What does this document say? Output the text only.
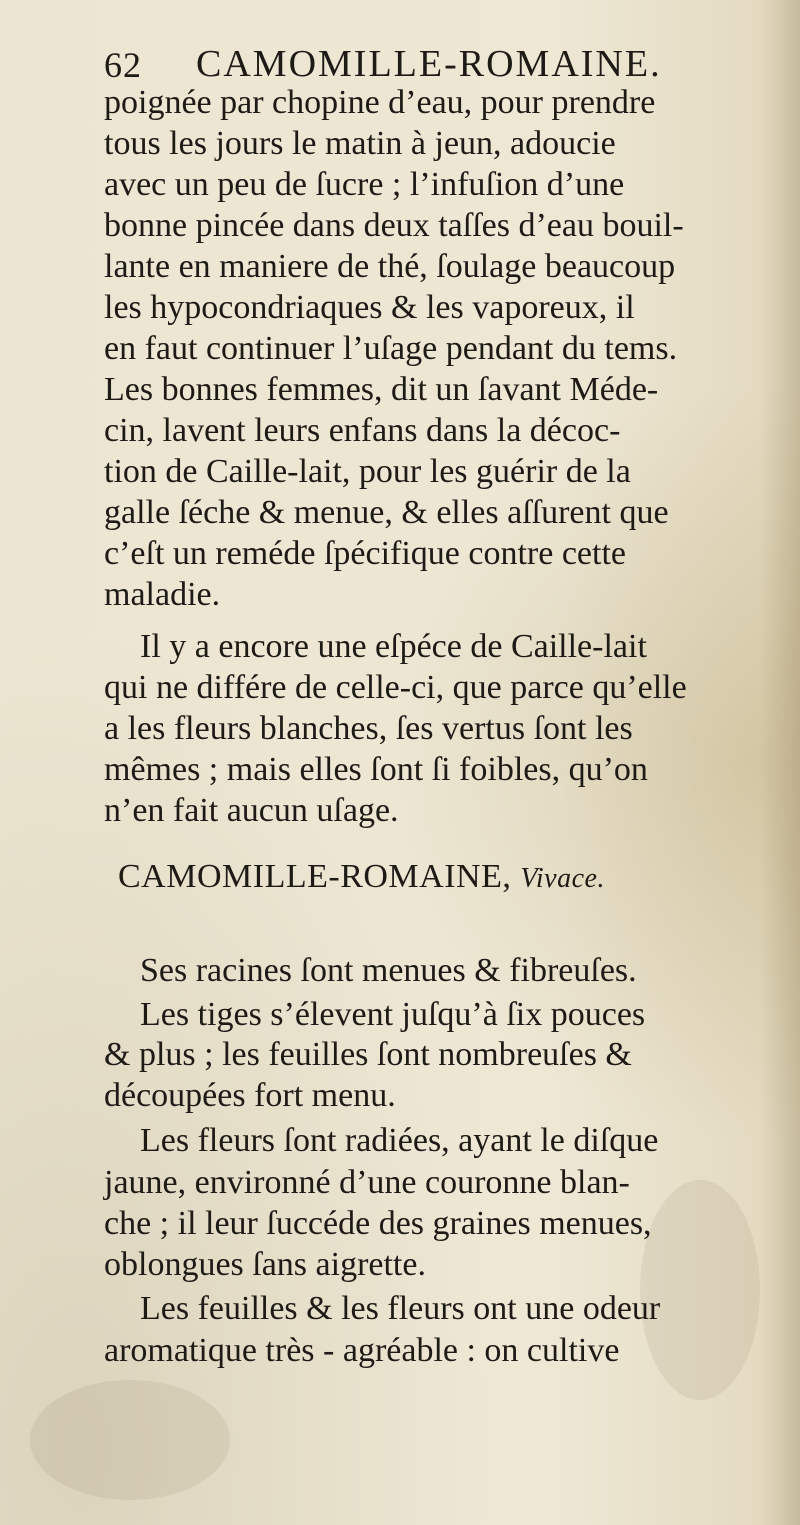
62 CAMOMILLE-ROMAINE.
poignée par chopine d’eau, pour prendre
tous les jours le matin à jeun, adoucie
avec un peu de ſucre ; l’infuſion d’une
bonne pincée dans deux taſſes d’eau bouil-
lante en maniere de thé, ſoulage beaucoup
les hypocondriaques & les vaporeux, il
en faut continuer l’uſage pendant du tems.
Les bonnes femmes, dit un ſavant Méde-
cin, lavent leurs enfans dans la décoc-
tion de Caille-lait, pour les guérir de la
galle ſéche & menue, & elles aſſurent que
c’eſt un reméde ſpécifique contre cette
maladie.
Il y a encore une eſpéce de Caille-lait
qui ne différe de celle-ci, que parce qu’elle
a les fleurs blanches, ſes vertus ſont les
mêmes ; mais elles ſont ſi foibles, qu’on
n’en fait aucun uſage.
Ses racines ſont menues & fibreuſes.
Les tiges s’élevent juſqu’à ſix pouces
& plus ; les feuilles ſont nombreuſes &
découpées fort menu.
Les fleurs ſont radiées, ayant le diſque
jaune, environné d’une couronne blan-
che ; il leur ſuccéde des graines menues,
oblongues ſans aigrette.
Les feuilles & les fleurs ont une odeur
aromatique très - agréable : on cultive
CAMOMILLE-ROMAINE, Vivace.
